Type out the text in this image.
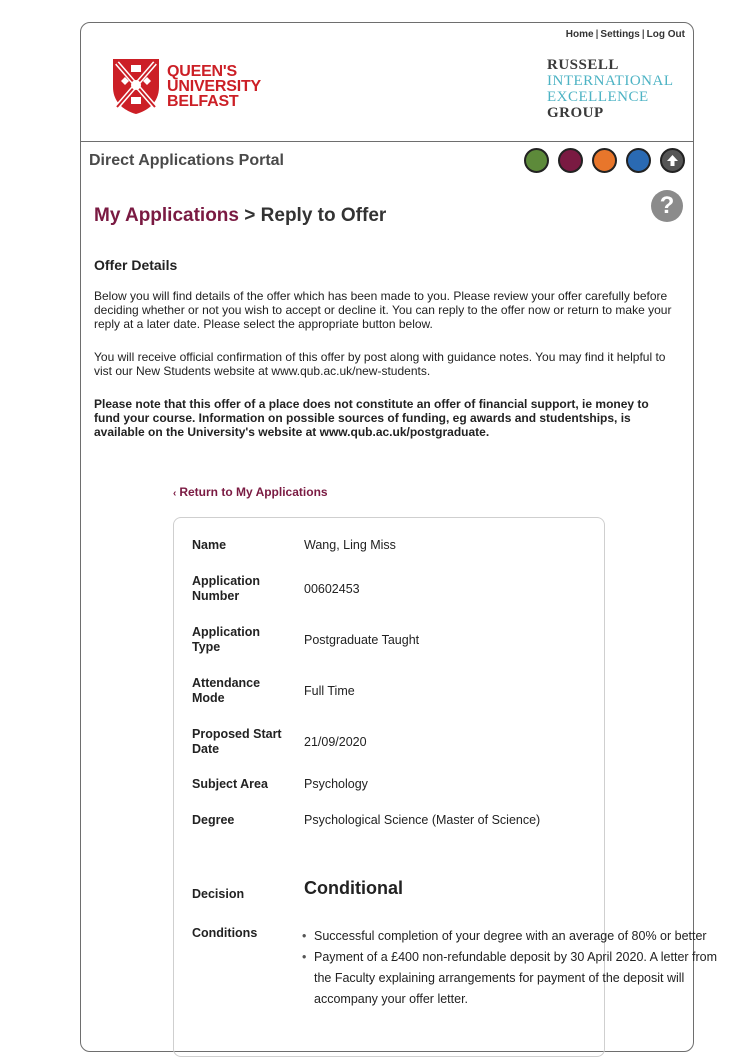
Home | Settings | Log Out
QUEEN'S
UNIVERSITY
BELFAST
RUSSELL
INTERNATIONAL
EXCELLENCE
GROUP
Direct Applications Portal
?
My Applications > Reply to Offer
Offer Details
Below you will find details of the offer which has been made to you. Please review your offer carefully before deciding whether or not you wish to accept or decline it. You can reply to the offer now or return to make your reply at a later date. Please select the appropriate button below.
You will receive official confirmation of this offer by post along with guidance notes. You may find it helpful to vist our New Students website at www.qub.ac.uk/new-students.
Please note that this offer of a place does not constitute an offer of financial support, ie money to fund your course. Information on possible sources of funding, eg awards and studentships, is available on the University's website at www.qub.ac.uk/postgraduate.
‹ Return to My Applications
Name	Wang, Ling Miss
Application Number	00602453
Application Type	Postgraduate Taught
Attendance Mode	Full Time
Proposed Start Date	21/09/2020
Subject Area	Psychology
Degree	Psychological Science (Master of Science)
Decision	Conditional
Conditions
•	Successful completion of your degree with an average of 80% or better
• Payment of a £400 non-refundable deposit by 30 April 2020. A letter from the Faculty explaining arrangements for payment of the deposit will accompany your offer letter.
